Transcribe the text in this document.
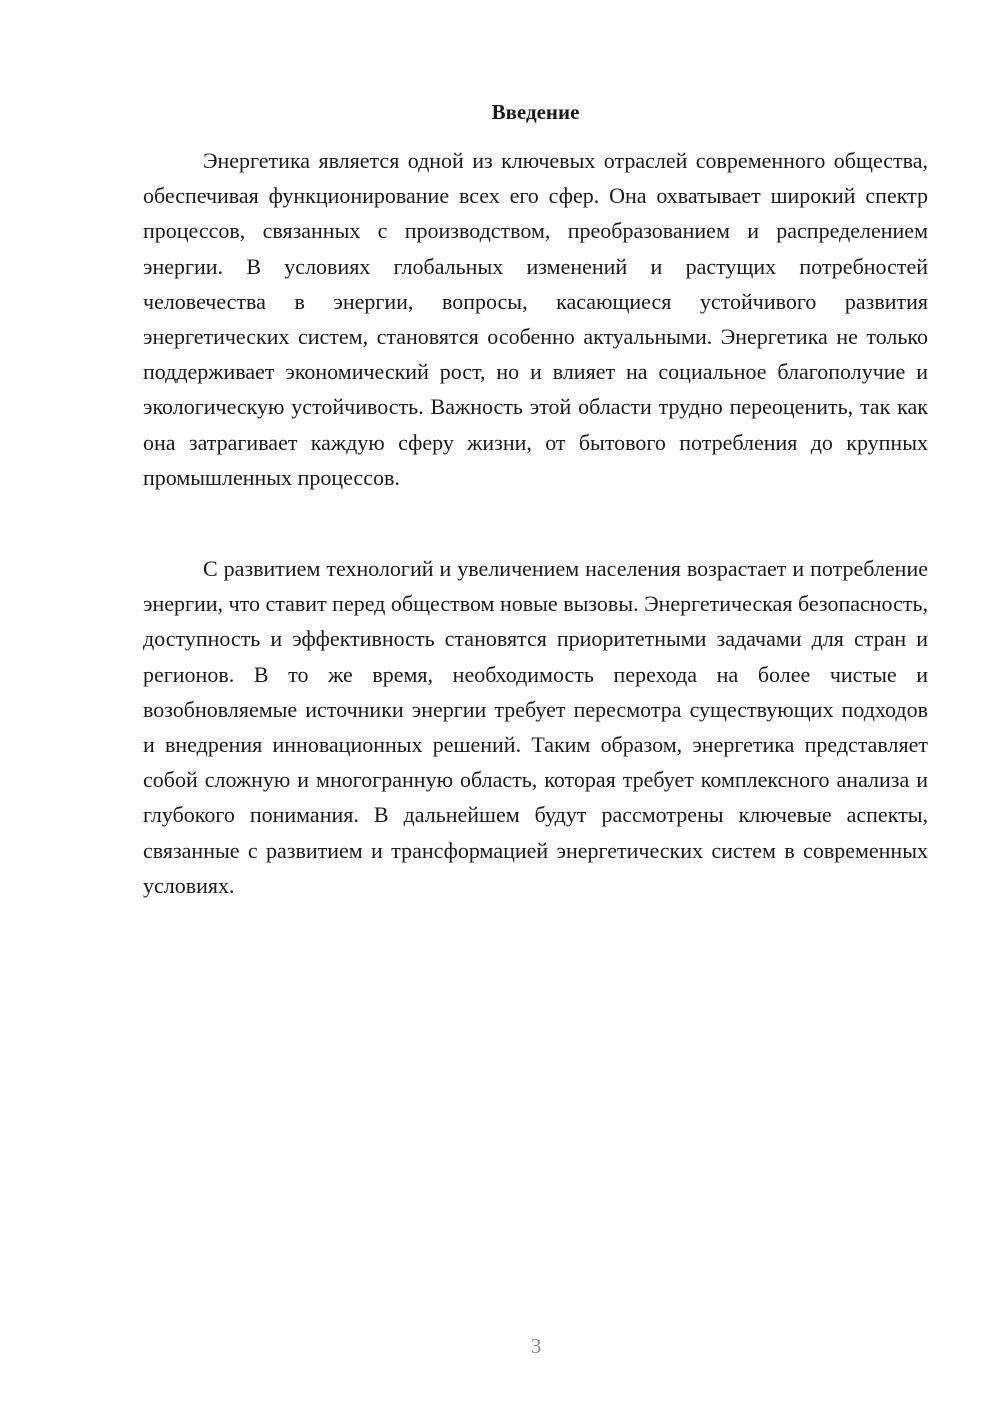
Введение

Энергетика является одной из ключевых отраслей современного общества, обеспечивая функционирование всех его сфер. Она охватывает широкий спектр процессов, связанных с производством, преобразованием и распределением энергии. В условиях глобальных изменений и растущих потребностей человечества в энергии, вопросы, касающиеся устойчивого развития энергетических систем, становятся особенно актуальными. Энергетика не только поддерживает экономический рост, но и влияет на социальное благополучие и экологическую устойчивость. Важность этой области трудно переоценить, так как она затрагивает каждую сферу жизни, от бытового потребления до крупных промышленных процессов.

С развитием технологий и увеличением населения возрастает и потребление энергии, что ставит перед обществом новые вызовы. Энергетическая безопасность, доступность и эффективность становятся приоритетными задачами для стран и регионов. В то же время, необходимость перехода на более чистые и возобновляемые источники энергии требует пересмотра существующих подходов и внедрения инновационных решений. Таким образом, энергетика представляет собой сложную и многогранную область, которая требует комплексного анализа и глубокого понимания. В дальнейшем будут рассмотрены ключевые аспекты, связанные с развитием и трансформацией энергетических систем в современных условиях.

3
